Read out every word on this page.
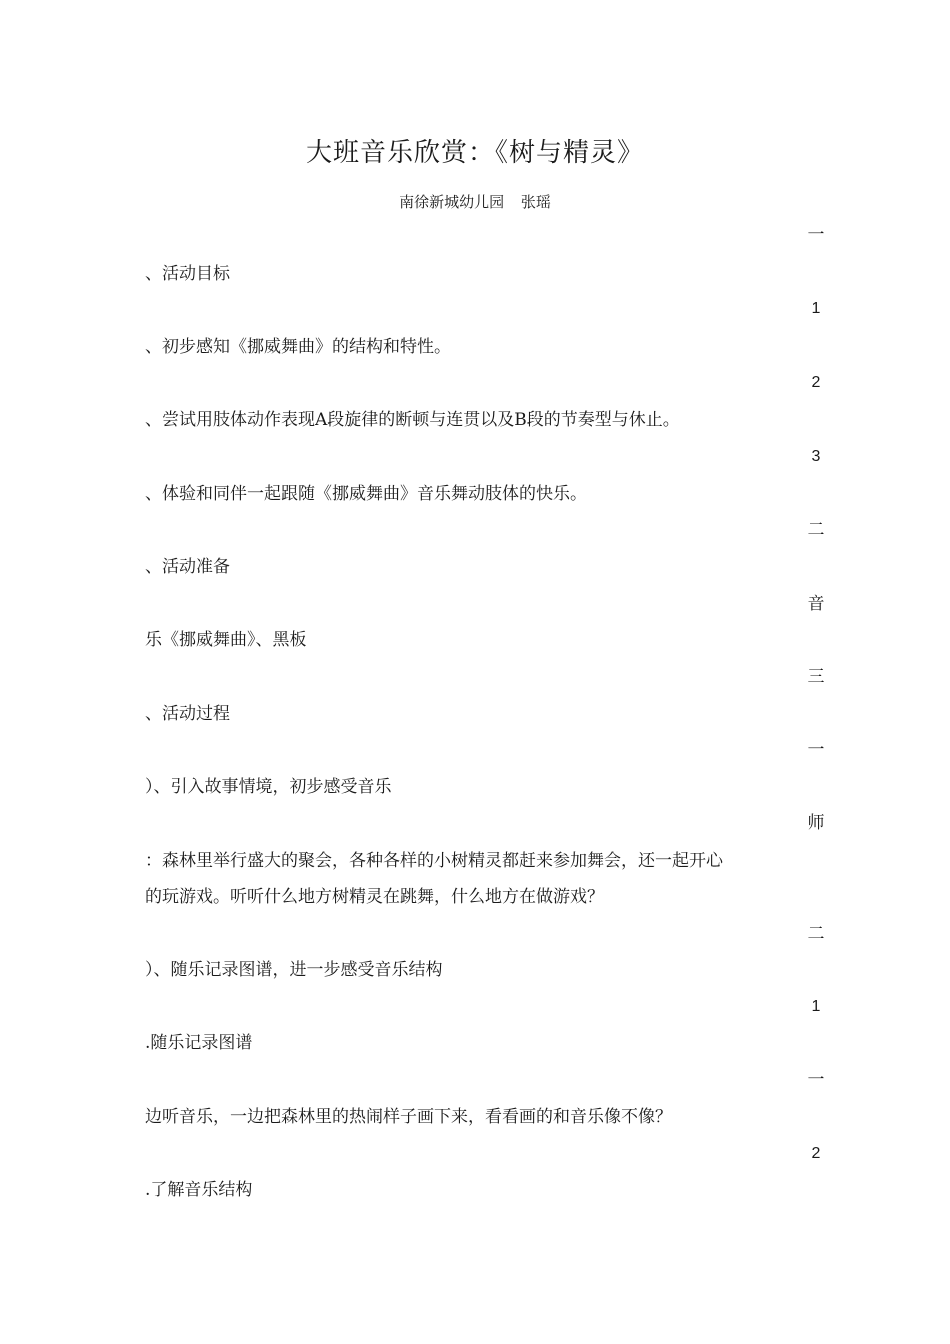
大班音乐欣赏：《树与精灵》
南徐新城幼儿园 张瑶
、活动目标
、初步感知《挪威舞曲》的结构和特性。
、尝试用肢体动作表现A段旋律的断顿与连贯以及B段的节奏型与休止。
、体验和同伴一起跟随《挪威舞曲》音乐舞动肢体的快乐。
、活动准备
乐《挪威舞曲》、黑板
、活动过程
）、引入故事情境，初步感受音乐
：森林里举行盛大的聚会，各种各样的小树精灵都赶来参加舞会，还一起开心
的玩游戏。听听什么地方树精灵在跳舞，什么地方在做游戏？
）、随乐记录图谱，进一步感受音乐结构
.随乐记录图谱
边听音乐，一边把森林里的热闹样子画下来，看看画的和音乐像不像？
.了解音乐结构
一
1
2
3
二
音
三
一
师
二
1
一
2
